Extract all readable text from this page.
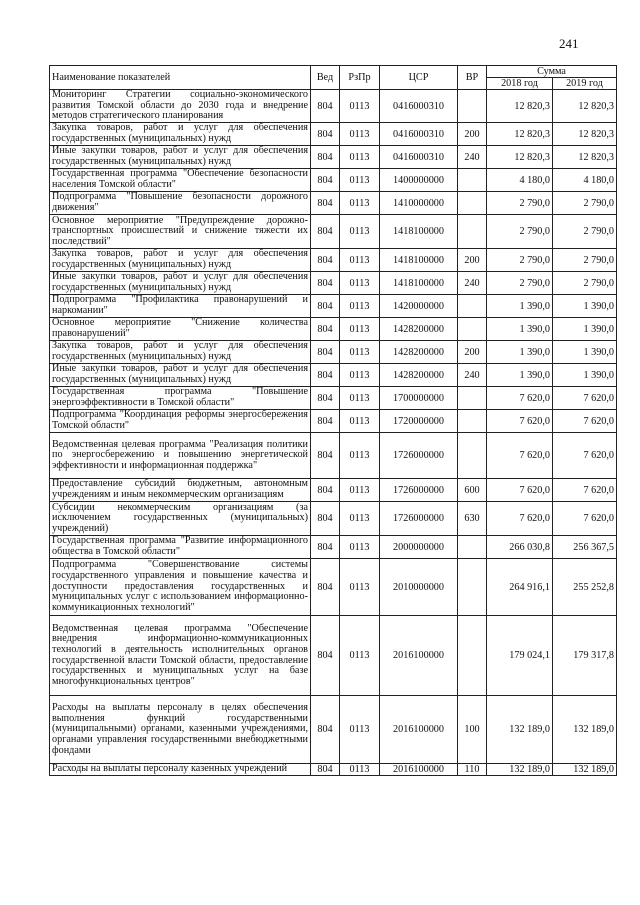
241
Наименование показателей	Вед	РзПр	ЦСР	ВР	Сумма	
					2018 год	2019 год
Мониторинг Стратегии социально-экономического развития Томской области до 2030 года и внедрение методов стратегического планирования	804	0113	0416000310		12 820,3	12 820,3
Закупка товаров, работ и услуг для обеспечения государственных (муниципальных) нужд	804	0113	0416000310	200	12 820,3	12 820,3
Иные закупки товаров, работ и услуг для обеспечения государственных (муниципальных) нужд	804	0113	0416000310	240	12 820,3	12 820,3
Государственная программа "Обеспечение безопасности населения Томской области"	804	0113	1400000000		4 180,0	4 180,0
Подпрограмма "Повышение безопасности дорожного движения"	804	0113	1410000000		2 790,0	2 790,0
Основное мероприятие "Предупреждение дорожно-транспортных происшествий и снижение тяжести их последствий"	804	0113	1418100000		2 790,0	2 790,0
Закупка товаров, работ и услуг для обеспечения государственных (муниципальных) нужд	804	0113	1418100000	200	2 790,0	2 790,0
Иные закупки товаров, работ и услуг для обеспечения государственных (муниципальных) нужд	804	0113	1418100000	240	2 790,0	2 790,0
Подпрограмма "Профилактика правонарушений и наркомании"	804	0113	1420000000		1 390,0	1 390,0
Основное мероприятие "Снижение количества правонарушений"	804	0113	1428200000		1 390,0	1 390,0
Закупка товаров, работ и услуг для обеспечения государственных (муниципальных) нужд	804	0113	1428200000	200	1 390,0	1 390,0
Иные закупки товаров, работ и услуг для обеспечения государственных (муниципальных) нужд	804	0113	1428200000	240	1 390,0	1 390,0
Государственная программа "Повышение энергоэффективности в Томской области"	804	0113	1700000000		7 620,0	7 620,0
Подпрограмма "Координация реформы энергосбережения Томской области"	804	0113	1720000000		7 620,0	7 620,0
Ведомственная целевая программа "Реализация политики по энергосбережению и повышению энергетической эффективности и информационная поддержка"	804	0113	1726000000		7 620,0	7 620,0
Предоставление субсидий бюджетным, автономным учреждениям и иным некоммерческим организациям	804	0113	1726000000	600	7 620,0	7 620,0
Субсидии некоммерческим организациям (за исключением государственных (муниципальных) учреждений)	804	0113	1726000000	630	7 620,0	7 620,0
Государственная программа "Развитие информационного общества в Томской области"	804	0113	2000000000		266 030,8	256 367,5
Подпрограмма "Совершенствование системы государственного управления и повышение качества и доступности предоставления государственных и муниципальных услуг с использованием информационно-коммуникационных технологий"	804	0113	2010000000		264 916,1	255 252,8
Ведомственная целевая программа "Обеспечение внедрения информационно-коммуникационных технологий в деятельность исполнительных органов государственной власти Томской области, предоставление государственных и муниципальных услуг на базе многофункциональных центров"	804	0113	2016100000		179 024,1	179 317,8
Расходы на выплаты персоналу в целях обеспечения выполнения функций государственными (муниципальными) органами, казенными учреждениями, органами управления государственными внебюджетными фондами	804	0113	2016100000	100	132 189,0	132 189,0
Расходы на выплаты персоналу казенных учреждений	804	0113	2016100000	110	132 189,0	132 189,0
